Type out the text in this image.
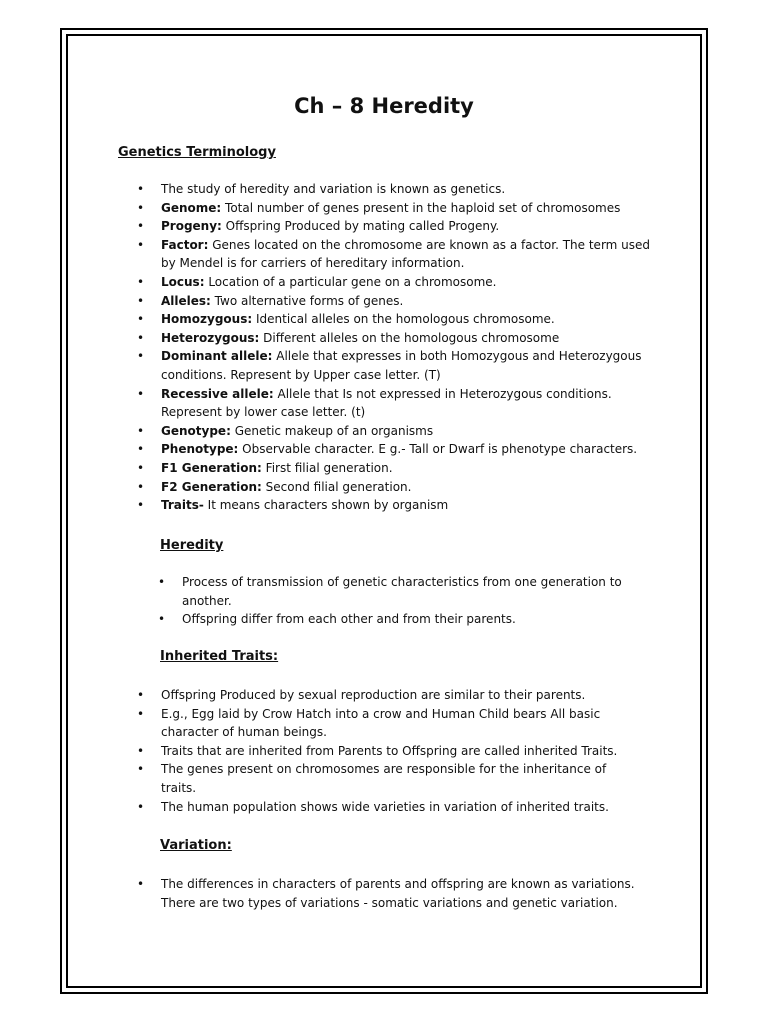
Ch – 8 Heredity
Genetics Terminology
• The study of heredity and variation is known as genetics.
• Genome: Total number of genes present in the haploid set of chromosomes
• Progeny: Offspring Produced by mating called Progeny.
• Factor: Genes located on the chromosome are known as a factor. The term used by Mendel is for carriers of hereditary information.
• Locus: Location of a particular gene on a chromosome.
• Alleles: Two alternative forms of genes.
• Homozygous: Identical alleles on the homologous chromosome.
• Heterozygous: Different alleles on the homologous chromosome
• Dominant allele: Allele that expresses in both Homozygous and Heterozygous conditions. Represent by Upper case letter. (T)
• Recessive allele: Allele that Is not expressed in Heterozygous conditions. Represent by lower case letter. (t)
• Genotype: Genetic makeup of an organisms
• Phenotype: Observable character. E g.- Tall or Dwarf is phenotype characters.
• F1 Generation: First filial generation.
• F2 Generation: Second filial generation.
• Traits- It means characters shown by organism
Heredity
• Process of transmission of genetic characteristics from one generation to another.
• Offspring differ from each other and from their parents.
Inherited Traits:
• Offspring Produced by sexual reproduction are similar to their parents.
• E.g., Egg laid by Crow Hatch into a crow and Human Child bears All basic character of human beings.
• Traits that are inherited from Parents to Offspring are called inherited Traits.
• The genes present on chromosomes are responsible for the inheritance of traits.
• The human population shows wide varieties in variation of inherited traits.
Variation:
• The differences in characters of parents and offspring are known as variations. There are two types of variations - somatic variations and genetic variation.
